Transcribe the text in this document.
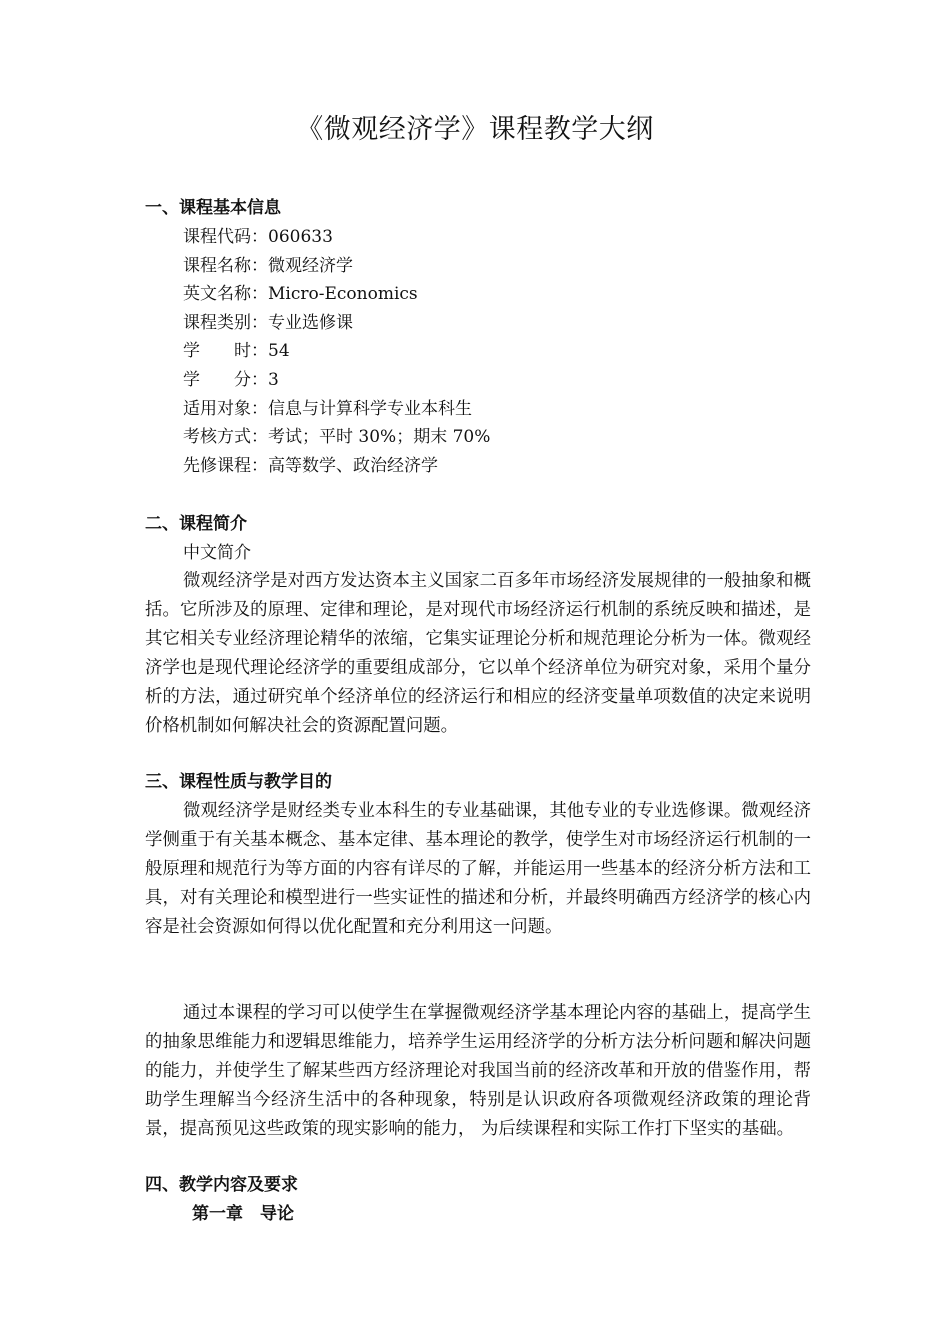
《微观经济学》课程教学大纲
一、课程基本信息
课程代码：060633
课程名称：微观经济学
英文名称：Micro-Economics
课程类别：专业选修课
学　　时：54
学　　分：3
适用对象：信息与计算科学专业本科生
考核方式：考试；平时 30%；期末 70%
先修课程：高等数学、政治经济学
二、课程简介
中文简介
微观经济学是对西方发达资本主义国家二百多年市场经济发展规律的一般抽象和概括。它所涉及的原理、定律和理论，是对现代市场经济运行机制的系统反映和描述，是其它相关专业经济理论精华的浓缩，它集实证理论分析和规范理论分析为一体。微观经济学也是现代理论经济学的重要组成部分，它以单个经济单位为研究对象，采用个量分析的方法，通过研究单个经济单位的经济运行和相应的经济变量单项数值的决定来说明价格机制如何解决社会的资源配置问题。
三、课程性质与教学目的
微观经济学是财经类专业本科生的专业基础课，其他专业的专业选修课。微观经济学侧重于有关基本概念、基本定律、基本理论的教学，使学生对市场经济运行机制的一般原理和规范行为等方面的内容有详尽的了解，并能运用一些基本的经济分析方法和工具，对有关理论和模型进行一些实证性的描述和分析，并最终明确西方经济学的核心内容是社会资源如何得以优化配置和充分利用这一问题。
通过本课程的学习可以使学生在掌握微观经济学基本理论内容的基础上，提高学生的抽象思维能力和逻辑思维能力，培养学生运用经济学的分析方法分析问题和解决问题的能力，并使学生了解某些西方经济理论对我国当前的经济改革和开放的借鉴作用，帮助学生理解当今经济生活中的各种现象，特别是认识政府各项微观经济政策的理论背景，提高预见这些政策的现实影响的能力， 为后续课程和实际工作打下坚实的基础。
四、教学内容及要求
第一章　导论
